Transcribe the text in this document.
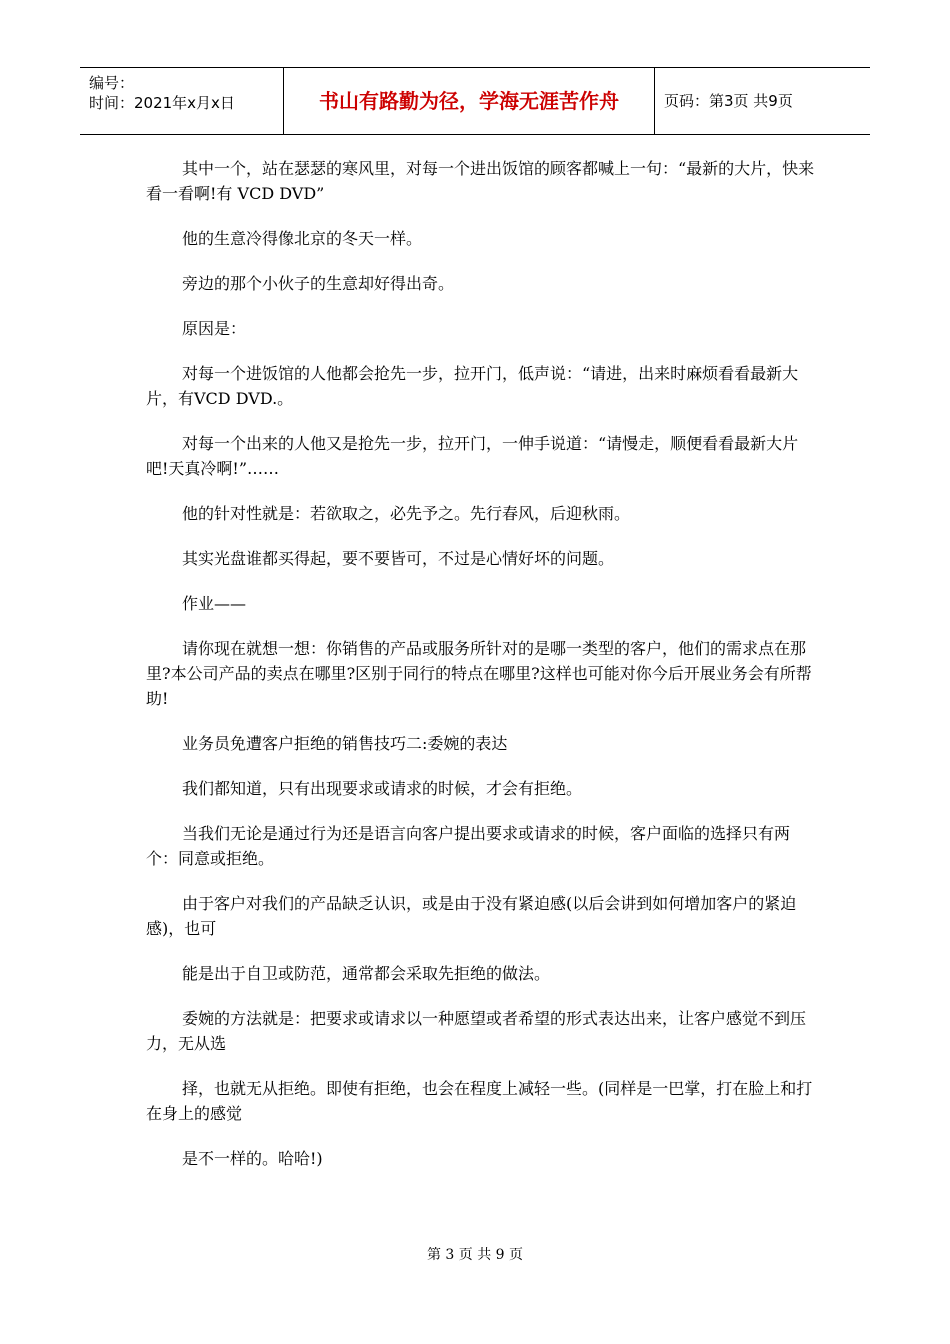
编号：
时间：2021年x月x日	书山有路勤为径，学海无涯苦作舟	页码：第3页 共9页

其中一个，站在瑟瑟的寒风里，对每一个进出饭馆的顾客都喊上一句：“最新的大片，快来看一看啊!有 VCD DVD”

他的生意冷得像北京的冬天一样。

旁边的那个小伙子的生意却好得出奇。

原因是：

对每一个进饭馆的人他都会抢先一步，拉开门，低声说：“请进，出来时麻烦看看最新大片，有VCD DVD.。

对每一个出来的人他又是抢先一步，拉开门，一伸手说道：“请慢走，顺便看看最新大片吧!天真冷啊!”……

他的针对性就是：若欲取之，必先予之。先行春风，后迎秋雨。

其实光盘谁都买得起，要不要皆可，不过是心情好坏的问题。

作业——

请你现在就想一想：你销售的产品或服务所针对的是哪一类型的客户，他们的需求点在那里?本公司产品的卖点在哪里?区别于同行的特点在哪里?这样也可能对你今后开展业务会有所帮助!

业务员免遭客户拒绝的销售技巧二:委婉的表达

我们都知道，只有出现要求或请求的时候，才会有拒绝。

当我们无论是通过行为还是语言向客户提出要求或请求的时候，客户面临的选择只有两个：同意或拒绝。

由于客户对我们的产品缺乏认识，或是由于没有紧迫感(以后会讲到如何增加客户的紧迫感)，也可

能是出于自卫或防范，通常都会采取先拒绝的做法。

委婉的方法就是：把要求或请求以一种愿望或者希望的形式表达出来，让客户感觉不到压力，无从选

择，也就无从拒绝。即使有拒绝，也会在程度上减轻一些。(同样是一巴掌，打在脸上和打在身上的感觉

是不一样的。哈哈!)

第 3 页 共 9 页
